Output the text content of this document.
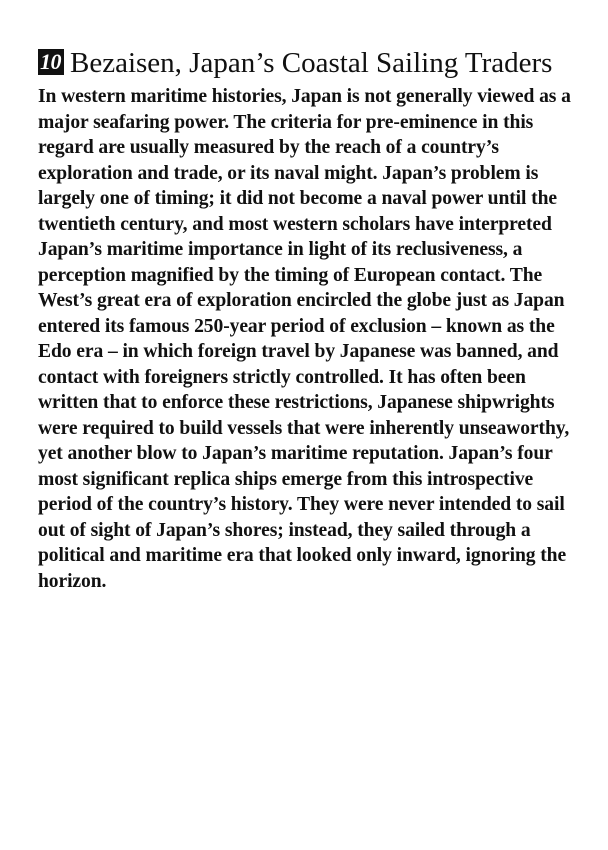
10 Bezaisen, Japan’s Coastal Sailing Traders

In western maritime histories, Japan is not generally viewed as a major seafaring power. The criteria for pre-eminence in this regard are usually measured by the reach of a country’s exploration and trade, or its naval might. Japan’s problem is largely one of timing; it did not become a naval power until the twentieth century, and most western scholars have interpreted Japan’s maritime importance in light of its reclusiveness, a perception magnified by the timing of European contact. The West’s great era of exploration encircled the globe just as Japan entered its famous 250-year period of exclusion – known as the Edo era – in which foreign travel by Japanese was banned, and contact with foreigners strictly controlled. It has often been written that to enforce these restrictions, Japanese shipwrights were required to build vessels that were inherently unseaworthy, yet another blow to Japan’s maritime reputation. Japan’s four most significant replica ships emerge from this introspective period of the country’s history. They were never intended to sail out of sight of Japan’s shores; instead, they sailed through a political and maritime era that looked only inward, ignoring the horizon.
